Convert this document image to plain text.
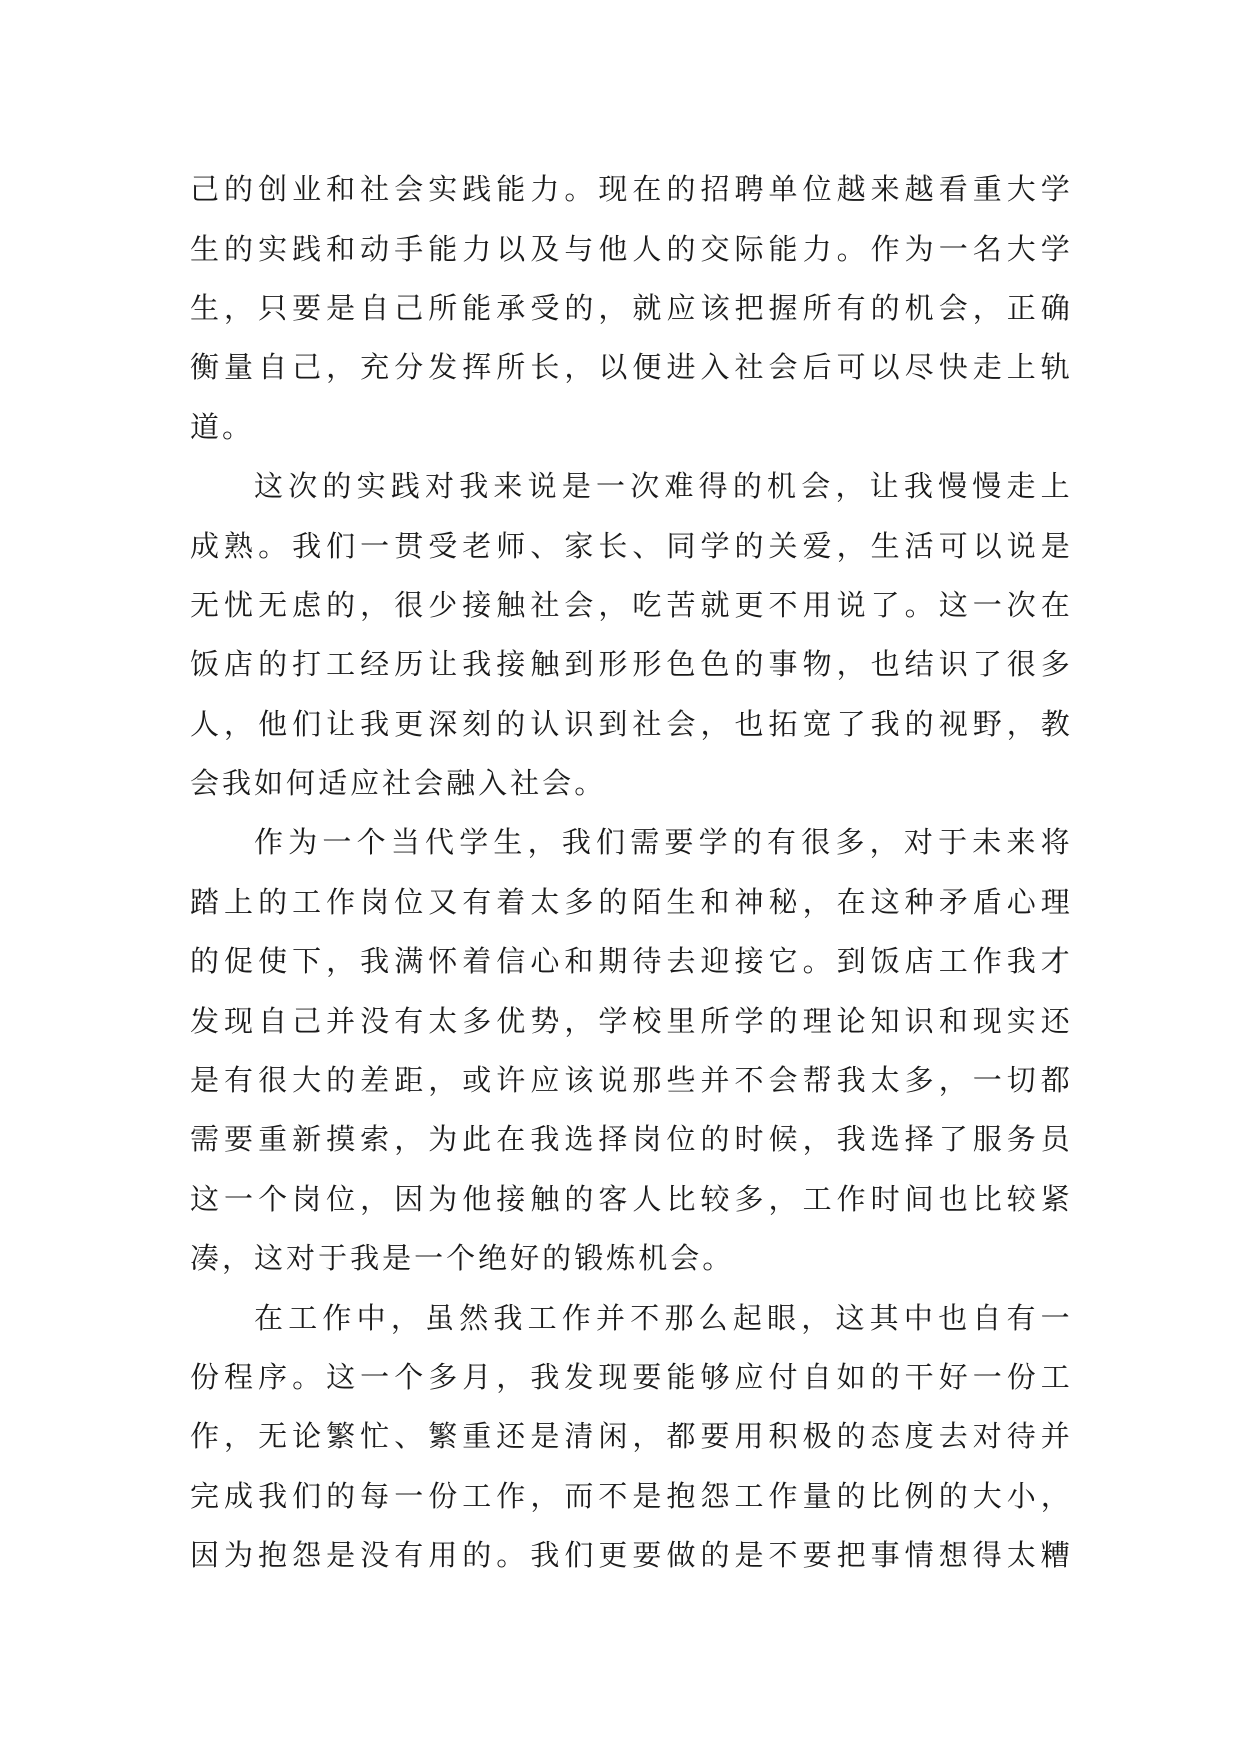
己 的 创 业 和 社 会 实 践 能 力 。 现 在 的 招 聘 单 位 越 来 越 看 重 大 学
生 的 实 践 和 动 手 能 力 以 及 与 他 人 的 交 际 能 力 。 作 为 一 名 大 学
生 ， 只 要 是 自 己 所 能 承 受 的 ， 就 应 该 把 握 所 有 的 机 会 ， 正 确
衡 量 自 己 ， 充 分 发 挥 所 长 ， 以 便 进 入 社 会 后 可 以 尽 快 走 上 轨
道 。
这 次 的 实 践 对 我 来 说 是 一 次 难 得 的 机 会 ， 让 我 慢 慢 走 上
成 熟 。 我 们 一 贯 受 老 师 、 家 长 、 同 学 的 关 爱 ， 生 活 可 以 说 是
无 忧 无 虑 的 ， 很 少 接 触 社 会 ， 吃 苦 就 更 不 用 说 了 。 这 一 次 在
饭 店 的 打 工 经 历 让 我 接 触 到 形 形 色 色 的 事 物 ， 也 结 识 了 很 多
人 ， 他 们 让 我 更 深 刻 的 认 识 到 社 会 ， 也 拓 宽 了 我 的 视 野 ， 教
会 我 如 何 适 应 社 会 融 入 社 会 。
作 为 一 个 当 代 学 生 ， 我 们 需 要 学 的 有 很 多 ， 对 于 未 来 将
踏 上 的 工 作 岗 位 又 有 着 太 多 的 陌 生 和 神 秘 ， 在 这 种 矛 盾 心 理
的 促 使 下 ， 我 满 怀 着 信 心 和 期 待 去 迎 接 它 。 到 饭 店 工 作 我 才
发 现 自 己 并 没 有 太 多 优 势 ， 学 校 里 所 学 的 理 论 知 识 和 现 实 还
是 有 很 大 的 差 距 ， 或 许 应 该 说 那 些 并 不 会 帮 我 太 多 ， 一 切 都
需 要 重 新 摸 索 ， 为 此 在 我 选 择 岗 位 的 时 候 ， 我 选 择 了 服 务 员
这 一 个 岗 位 ， 因 为 他 接 触 的 客 人 比 较 多 ， 工 作 时 间 也 比 较 紧
凑 ， 这 对 于 我 是 一 个 绝 好 的 锻 炼 机 会 。
在 工 作 中 ， 虽 然 我 工 作 并 不 那 么 起 眼 ， 这 其 中 也 自 有 一
份 程 序 。 这 一 个 多 月 ， 我 发 现 要 能 够 应 付 自 如 的 干 好 一 份 工
作 ， 无 论 繁 忙 、 繁 重 还 是 清 闲 ， 都 要 用 积 极 的 态 度 去 对 待 并
完 成 我 们 的 每 一 份 工 作 ， 而 不 是 抱 怨 工 作 量 的 比 例 的 大 小 ，
因 为 抱 怨 是 没 有 用 的 。 我 们 更 要 做 的 是 不 要 把 事 情 想 得 太 糟
